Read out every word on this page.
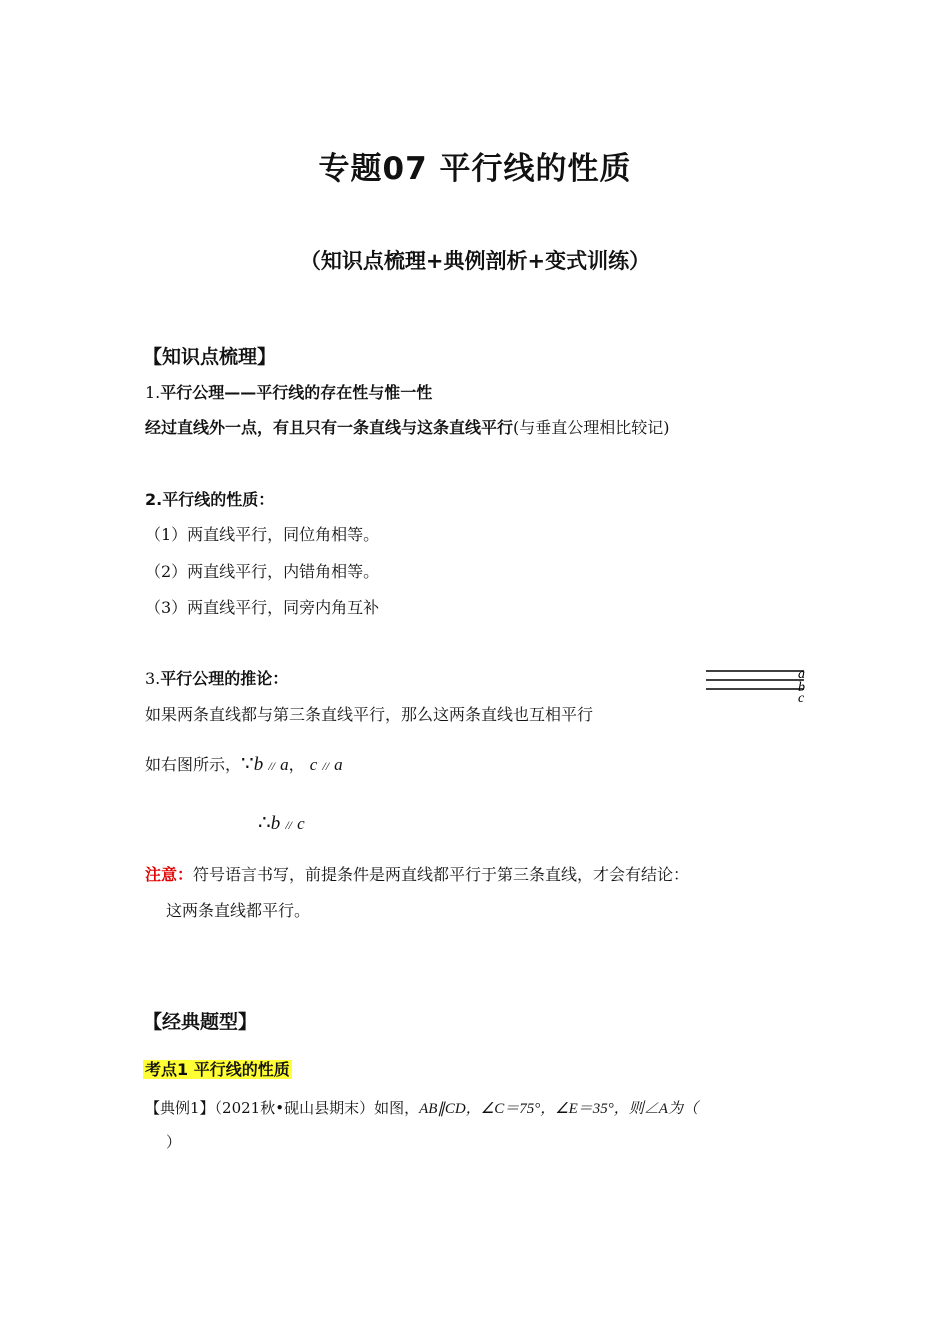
专题07 平行线的性质
（知识点梳理+典例剖析+变式训练）
【知识点梳理】
1.平行公理——平行线的存在性与惟一性
经过直线外一点，有且只有一条直线与这条直线平行(与垂直公理相比较记)
2.平行线的性质：
（1）两直线平行，同位角相等。
（2）两直线平行，内错角相等。
（3）两直线平行，同旁内角互补
3.平行公理的推论：
如果两条直线都与第三条直线平行，那么这两条直线也互相平行
a
b
c
如右图所示，∵b // a， c // a
∴b // c
注意：符号语言书写，前提条件是两直线都平行于第三条直线，才会有结论：
这两条直线都平行。
【经典题型】
考点1 平行线的性质
【典例1】（2021秋•砚山县期末）如图，AB∥CD，∠C＝75°，∠E＝35°，则∠A为（
）
